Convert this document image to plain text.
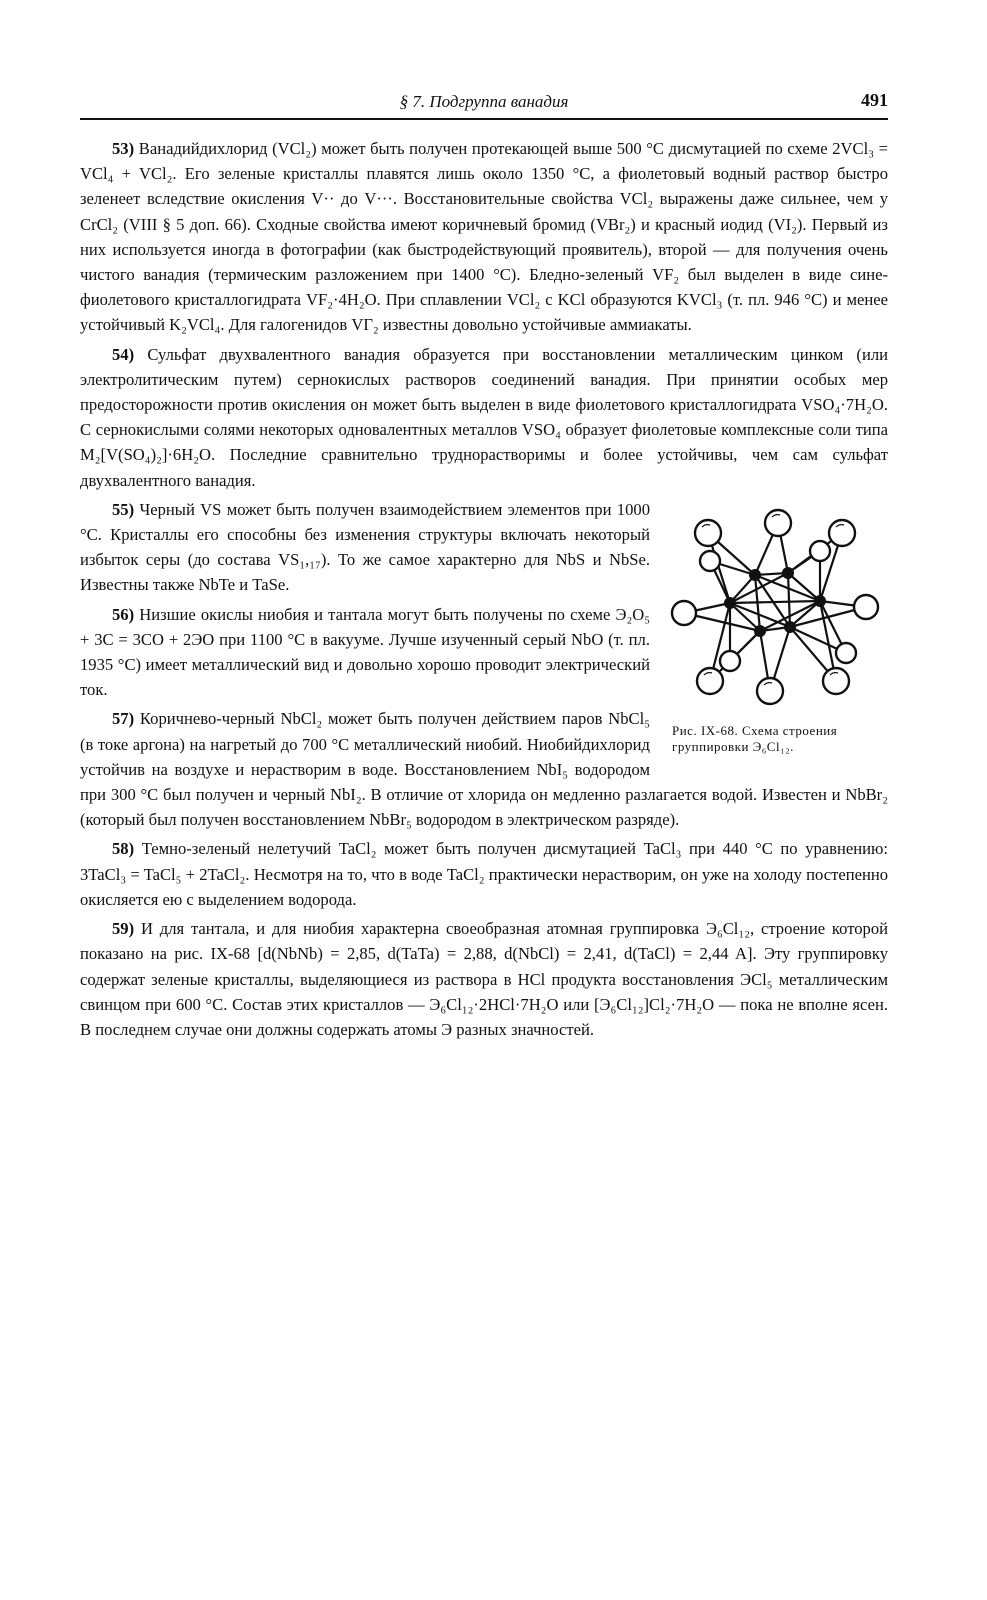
§ 7. Подгруппа ванадия	491

53) Ванадийдихлорид (VCl₂) может быть получен протекающей выше 500 °С дисмутацией по схеме 2VCl₃ = VCl₄ + VCl₂. Его зеленые кристаллы плавятся лишь около 1350 °С, а фиолетовый водный раствор быстро зеленеет вследствие окисления V·· до V···. Восстановительные свойства VCl₂ выражены даже сильнее, чем у CrCl₂ (VIII § 5 доп. 66). Сходные свойства имеют коричневый бромид (VBr₂) и красный иодид (VI₂). Первый из них используется иногда в фотографии (как быстродействующий проявитель), второй — для получения очень чистого ванадия (термическим разложением при 1400 °С). Бледно-зеленый VF₂ был выделен в виде сине-фиолетового кристаллогидрата VF₂·4H₂O. При сплавлении VCl₂ с KCl образуются KVCl₃ (т. пл. 946 °С) и менее устойчивый K₂VCl₄. Для галогенидов VΓ₂ известны довольно устойчивые аммиакаты.

54) Сульфат двухвалентного ванадия образуется при восстановлении металлическим цинком (или электролитическим путем) сернокислых растворов соединений ванадия. При принятии особых мер предосторожности против окисления он может быть выделен в виде фиолетового кристаллогидрата VSO₄·7H₂O. С сернокислыми солями некоторых одновалентных металлов VSO₄ образует фиолетовые комплексные соли типа M₂[V(SO₄)₂]·6H₂O. Последние сравнительно труднорастворимы и более устойчивы, чем сам сульфат двухвалентного ванадия.

Рис. IX-68. Схема строения группировки Э₆Cl₁₂.

55) Черный VS может быть получен взаимодействием элементов при 1000 °С. Кристаллы его способны без изменения структуры включать некоторый избыток серы (до состава VS₁,₁₇). То же самое характерно для NbS и NbSe. Известны также NbTe и TaSe.

56) Низшие окислы ниобия и тантала могут быть получены по схеме Э₂O₅ + 3C = 3CO + 2ЭO при 1100 °С в вакууме. Лучше изученный серый NbO (т. пл. 1935 °С) имеет металлический вид и довольно хорошо проводит электрический ток.

57) Коричнево-черный NbCl₂ может быть получен действием паров NbCl₅ (в токе аргона) на нагретый до 700 °С металлический ниобий. Ниобийдихлорид устойчив на воздухе и нерастворим в воде. Восстановлением NbI₅ водородом при 300 °С был получен и черный NbI₂. В отличие от хлорида он медленно разлагается водой. Известен и NbBr₂ (который был получен восстановлением NbBr₅ водородом в электрическом разряде).

58) Темно-зеленый нелетучий TaCl₂ может быть получен дисмутацией TaCl₃ при 440 °С по уравнению: 3TaCl₃ = TaCl₅ + 2TaCl₂. Несмотря на то, что в воде TaCl₂ практически нерастворим, он уже на холоду постепенно окисляется ею с выделением водорода.

59) И для тантала, и для ниобия характерна своеобразная атомная группировка Э₆Cl₁₂, строение которой показано на рис. IX-68 [d(NbNb) = 2,85, d(TaTa) = 2,88, d(NbCl) = 2,41, d(TaCl) = 2,44 A]. Эту группировку содержат зеленые кристаллы, выделяющиеся из раствора в HCl продукта восстановления ЭCl₅ металлическим свинцом при 600 °С. Состав этих кристаллов — Э₆Cl₁₂·2HCl·7H₂O или [Э₆Cl₁₂]Cl₂·7H₂O — пока не вполне ясен. В последнем случае они должны содержать атомы Э разных значностей.
